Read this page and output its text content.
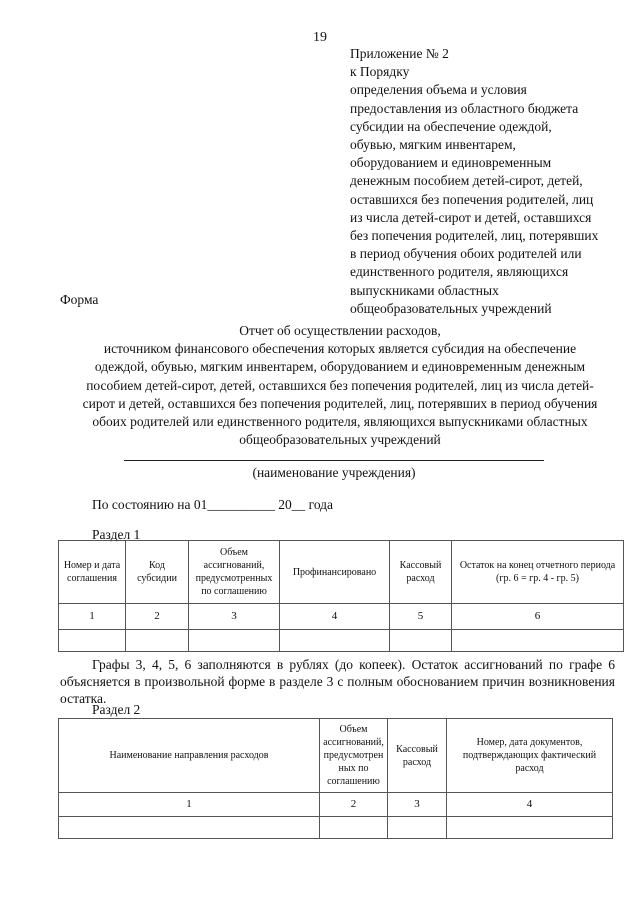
19
Приложение № 2
к Порядку
определения объема и условия
предоставления из областного бюджета
субсидии на обеспечение одеждой,
обувью, мягким инвентарем,
оборудованием и единовременным
денежным пособием детей-сирот, детей,
оставшихся без попечения родителей, лиц
из числа детей-сирот и детей, оставшихся
без попечения родителей, лиц, потерявших
в период обучения обоих родителей или
единственного родителя, являющихся
выпускниками областных
общеобразовательных учреждений
Форма
Отчет об осуществлении расходов,
источником финансового обеспечения которых является субсидия на обеспечение
одеждой, обувью, мягким инвентарем, оборудованием и единовременным денежным
пособием детей-сирот, детей, оставшихся без попечения родителей, лиц из числа детей-
сирот и детей, оставшихся без попечения родителей, лиц, потерявших в период обучения
обоих родителей или единственного родителя, являющихся выпускниками областных
общеобразовательных учреждений
(наименование учреждения)
По состоянию на 01__________ 20__ года
Раздел 1
Номер и дата соглашения	Код субсидии	Объем ассигнований, предусмотренных по соглашению	Профинансировано	Кассовый расход	Остаток на конец отчетного периода (гр. 6 = гр. 4 - гр. 5)
1	2	3	4	5	6

Графы 3, 4, 5, 6 заполняются в рублях (до копеек). Остаток ассигнований по графе 6 объясняется в произвольной форме в разделе 3 с полным обоснованием причин возникновения остатка.
Раздел 2
Наименование направления расходов	Объем ассигнований, предусмотрен ных по соглашению	Кассовый расход	Номер, дата документов, подтверждающих фактический расход
1	2	3	4
